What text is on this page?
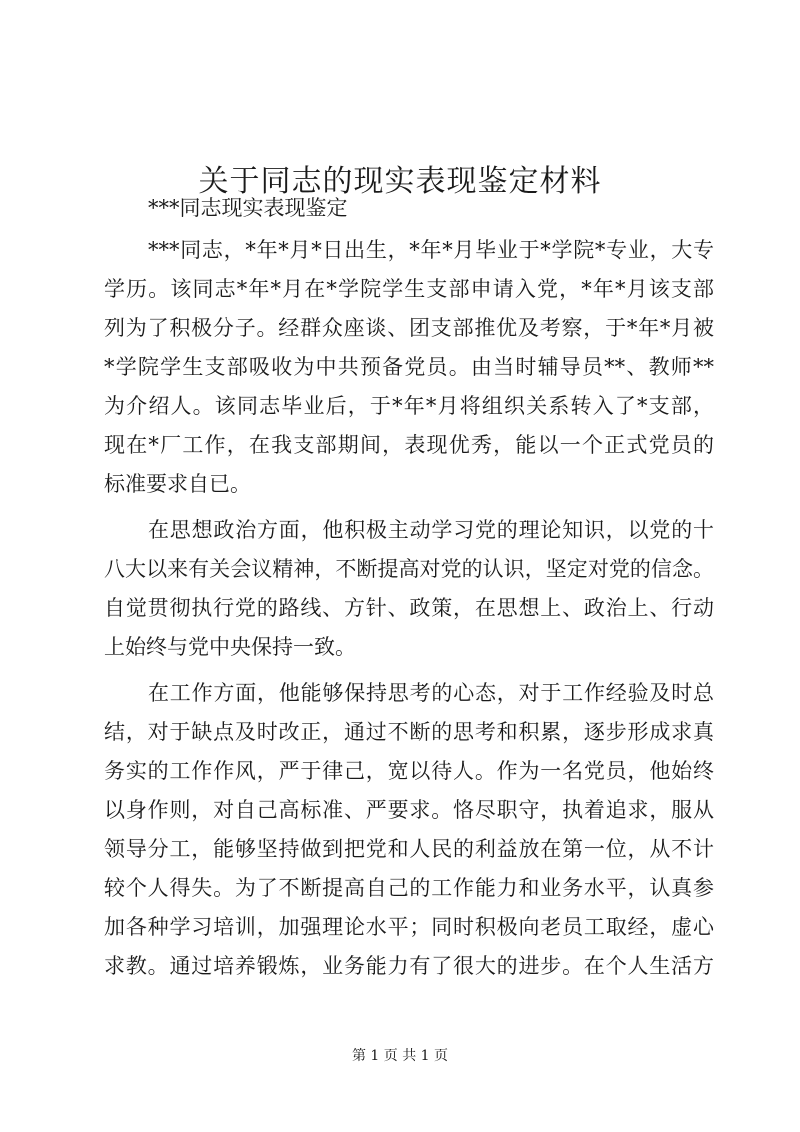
关于同志的现实表现鉴定材料
***同志现实表现鉴定
***同志，*年*月*日出生，*年*月毕业于*学院*专业，大专
学历。该同志*年*月在*学院学生支部申请入党，*年*月该支部
列为了积极分子。经群众座谈、团支部推优及考察，于*年*月被
*学院学生支部吸收为中共预备党员。由当时辅导员**、教师**
为介绍人。该同志毕业后，于*年*月将组织关系转入了*支部，
现在*厂工作，在我支部期间，表现优秀，能以一个正式党员的
标准要求自已。
在思想政治方面，他积极主动学习党的理论知识，以党的十
八大以来有关会议精神，不断提高对党的认识，坚定对党的信念。
自觉贯彻执行党的路线、方针、政策，在思想上、政治上、行动
上始终与党中央保持一致。
在工作方面，他能够保持思考的心态，对于工作经验及时总
结，对于缺点及时改正，通过不断的思考和积累，逐步形成求真
务实的工作作风，严于律己，宽以待人。作为一名党员，他始终
以身作则，对自己高标准、严要求。恪尽职守，执着追求，服从
领导分工，能够坚持做到把党和人民的利益放在第一位，从不计
较个人得失。为了不断提高自己的工作能力和业务水平，认真参
加各种学习培训，加强理论水平；同时积极向老员工取经，虚心
求教。通过培养锻炼，业务能力有了很大的进步。在个人生活方
第 1 页 共 1 页
